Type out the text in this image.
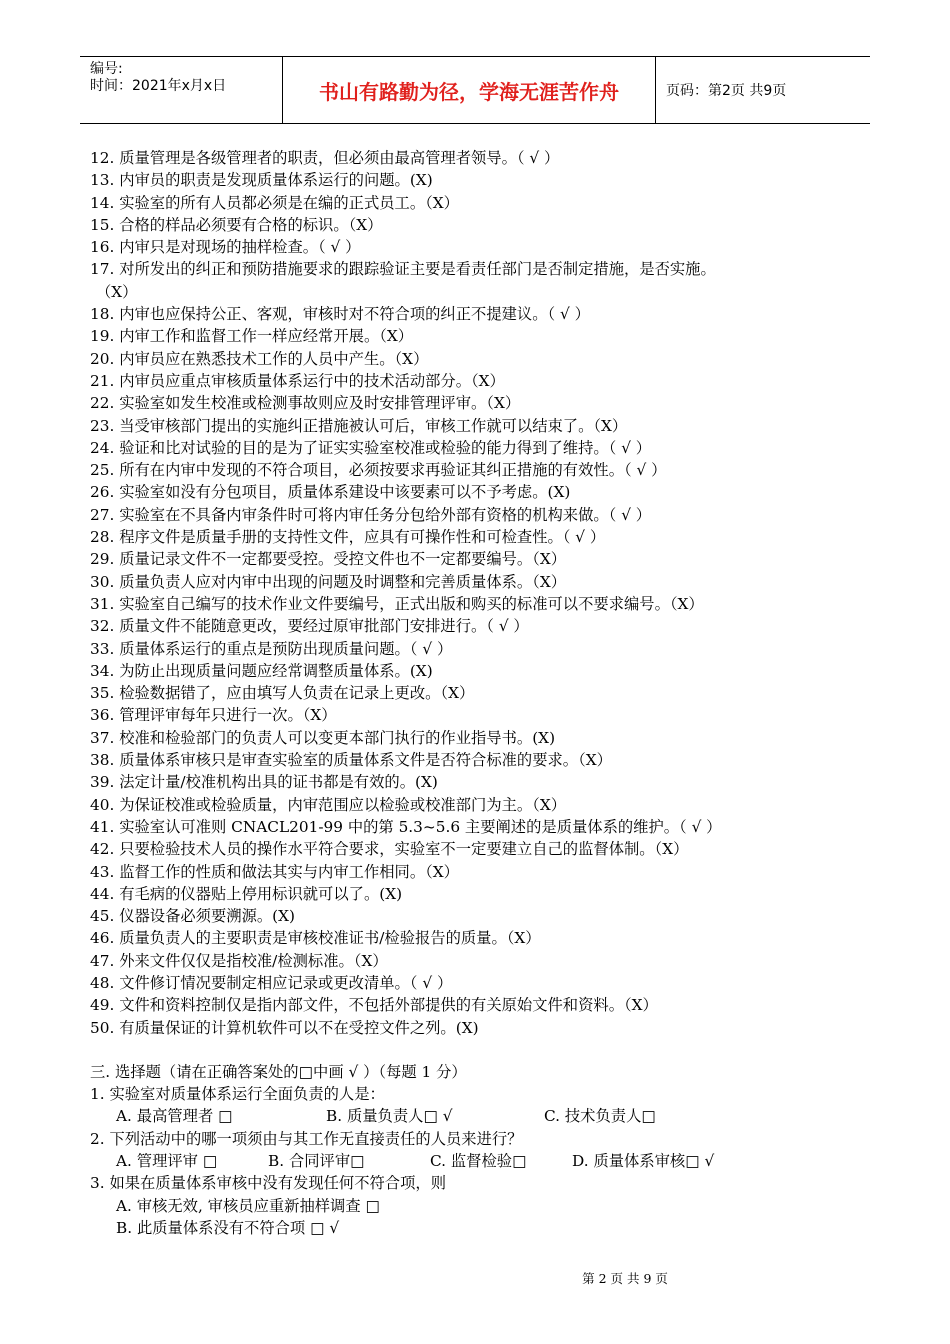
编号:
时间：2021年x月x日	书山有路勤为径，学海无涯苦作舟	页码：第2页 共9页
12. 质量管理是各级管理者的职责，但必须由最高管理者领导。（ √ ）
13. 内审员的职责是发现质量体系运行的问题。(X)
14. 实验室的所有人员都必须是在编的正式员工。（X）
15. 合格的样品必须要有合格的标识。（X）
16. 内审只是对现场的抽样检查。（ √ ）
17. 对所发出的纠正和预防措施要求的跟踪验证主要是看责任部门是否制定措施，是否实施。
（X）
18. 内审也应保持公正、客观，审核时对不符合项的纠正不提建议。（ √ ）
19. 内审工作和监督工作一样应经常开展。（X）
20. 内审员应在熟悉技术工作的人员中产生。（X）
21. 内审员应重点审核质量体系运行中的技术活动部分。（X）
22. 实验室如发生校准或检测事故则应及时安排管理评审。（X）
23. 当受审核部门提出的实施纠正措施被认可后，审核工作就可以结束了。（X）
24. 验证和比对试验的目的是为了证实实验室校准或检验的能力得到了维持。（ √ ）
25. 所有在内审中发现的不符合项目，必须按要求再验证其纠正措施的有效性。（ √ ）
26. 实验室如没有分包项目，质量体系建设中该要素可以不予考虑。(X)
27. 实验室在不具备内审条件时可将内审任务分包给外部有资格的机构来做。（ √ ）
28. 程序文件是质量手册的支持性文件，应具有可操作性和可检查性。（ √ ）
29. 质量记录文件不一定都要受控。受控文件也不一定都要编号。（X）
30. 质量负责人应对内审中出现的问题及时调整和完善质量体系。（X）
31. 实验室自己编写的技术作业文件要编号，正式出版和购买的标准可以不要求编号。（X）
32. 质量文件不能随意更改，要经过原审批部门安排进行。（ √ ）
33. 质量体系运行的重点是预防出现质量问题。（ √ ）
34. 为防止出现质量问题应经常调整质量体系。(X)
35. 检验数据错了，应由填写人负责在记录上更改。（X）
36. 管理评审每年只进行一次。（X）
37. 校准和检验部门的负责人可以变更本部门执行的作业指导书。(X)
38. 质量体系审核只是审查实验室的质量体系文件是否符合标准的要求。（X）
39. 法定计量/校准机构出具的证书都是有效的。(X)
40. 为保证校准或检验质量，内审范围应以检验或校准部门为主。（X）
41. 实验室认可准则 CNACL201-99 中的第 5.3~5.6 主要阐述的是质量体系的维护。（ √ ）
42. 只要检验技术人员的操作水平符合要求，实验室不一定要建立自己的监督体制。（X）
43. 监督工作的性质和做法其实与内审工作相同。（X）
44. 有毛病的仪器贴上停用标识就可以了。(X)
45. 仪器设备必须要溯源。(X)
46. 质量负责人的主要职责是审核校准证书/检验报告的质量。（X）
47. 外来文件仅仅是指校准/检测标准。（X）
48. 文件修订情况要制定相应记录或更改清单。（ √ ）
49. 文件和资料控制仅是指内部文件，不包括外部提供的有关原始文件和资料。（X）
50. 有质量保证的计算机软件可以不在受控文件之列。(X)
三. 选择题（请在正确答案处的□中画 √ ）（每题 1 分）
1. 实验室对质量体系运行全面负责的人是：
A. 最高管理者 □	B. 质量负责人□ √	C. 技术负责人□
2. 下列活动中的哪一项须由与其工作无直接责任的人员来进行？
A. 管理评审 □	B. 合同评审□	C. 监督检验□	D. 质量体系审核□ √
3. 如果在质量体系审核中没有发现任何不符合项，则
A. 审核无效, 审核员应重新抽样调查 □
B. 此质量体系没有不符合项 □ √
第 2 页 共 9 页
